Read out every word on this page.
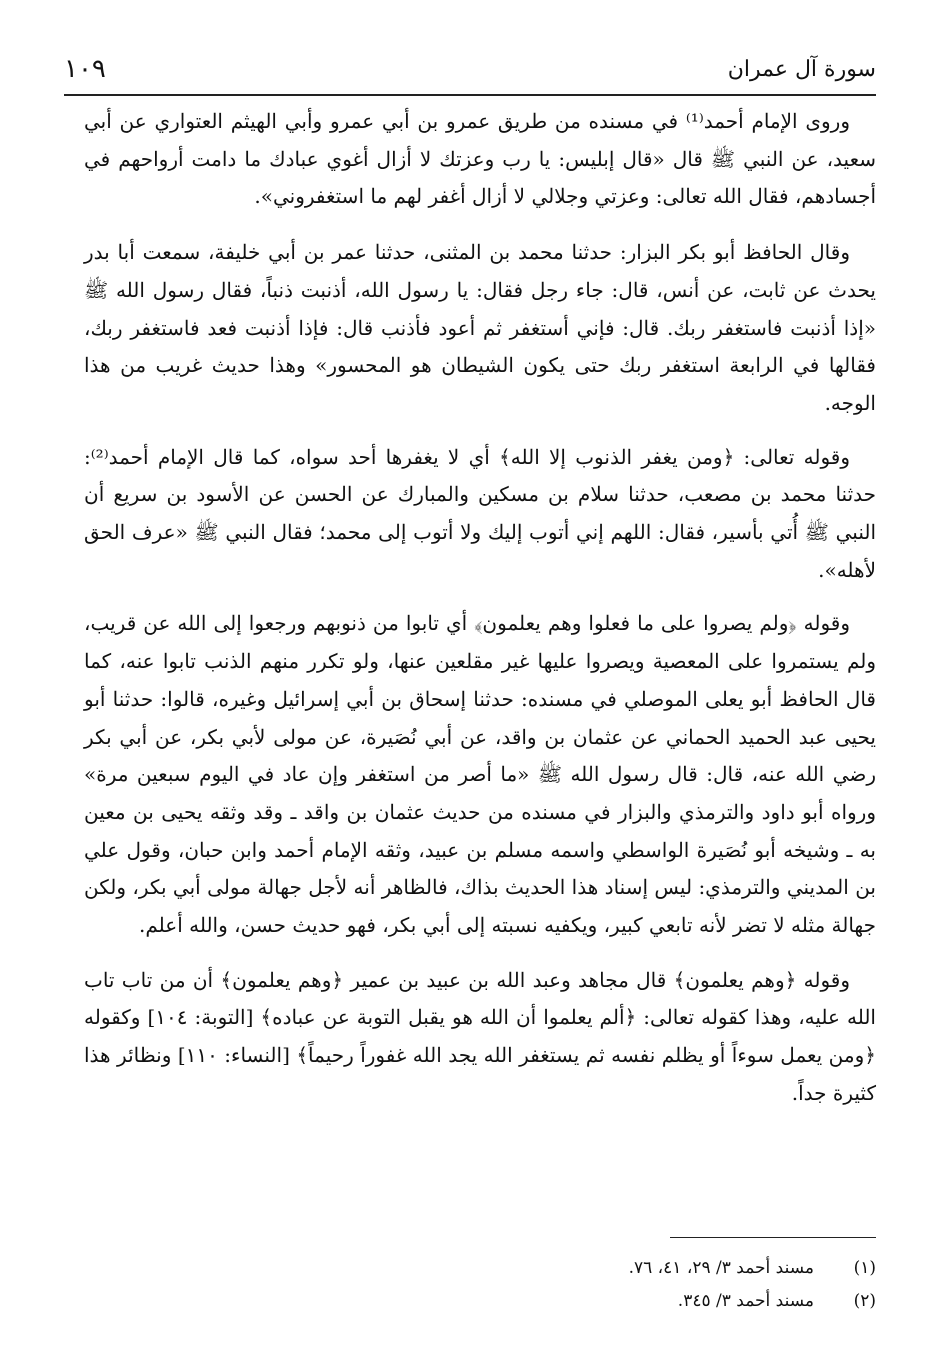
سورة آل عمران
١٠٩

وروى الإمام أحمد⁽¹⁾ في مسنده من طريق عمرو بن أبي عمرو وأبي الهيثم العتواري عن أبي سعيد، عن النبي ﷺ قال «قال إبليس: يا رب وعزتك لا أزال أغوي عبادك ما دامت أرواحهم في أجسادهم، فقال الله تعالى: وعزتي وجلالي لا أزال أغفر لهم ما استغفروني».

وقال الحافظ أبو بكر البزار: حدثنا محمد بن المثنى، حدثنا عمر بن أبي خليفة، سمعت أبا بدر يحدث عن ثابت، عن أنس، قال: جاء رجل فقال: يا رسول الله، أذنبت ذنباً، فقال رسول الله ﷺ «إذا أذنبت فاستغفر ربك. قال: فإني أستغفر ثم أعود فأذنب قال: فإذا أذنبت فعد فاستغفر ربك، فقالها في الرابعة استغفر ربك حتى يكون الشيطان هو المحسور» وهذا حديث غريب من هذا الوجه.

وقوله تعالى: ﴿ومن يغفر الذنوب إلا الله﴾ أي لا يغفرها أحد سواه، كما قال الإمام أحمد⁽²⁾: حدثنا محمد بن مصعب، حدثنا سلام بن مسكين والمبارك عن الحسن عن الأسود بن سريع أن النبي ﷺ أُتي بأسير، فقال: اللهم إني أتوب إليك ولا أتوب إلى محمد؛ فقال النبي ﷺ «عرف الحق لأهله».

وقوله ﴿ولم يصروا على ما فعلوا وهم يعلمون﴾ أي تابوا من ذنوبهم ورجعوا إلى الله عن قريب، ولم يستمروا على المعصية ويصروا عليها غير مقلعين عنها، ولو تكرر منهم الذنب تابوا عنه، كما قال الحافظ أبو يعلى الموصلي في مسنده: حدثنا إسحاق بن أبي إسرائيل وغيره، قالوا: حدثنا أبو يحيى عبد الحميد الحماني عن عثمان بن واقد، عن أبي نُصَيرة، عن مولى لأبي بكر، عن أبي بكر رضي الله عنه، قال: قال رسول الله ﷺ «ما أصر من استغفر وإن عاد في اليوم سبعين مرة» ورواه أبو داود والترمذي والبزار في مسنده من حديث عثمان بن واقد ـ وقد وثقه يحيى بن معين به ـ وشيخه أبو نُصَيرة الواسطي واسمه مسلم بن عبيد، وثقه الإمام أحمد وابن حبان، وقول علي بن المديني والترمذي: ليس إسناد هذا الحديث بذاك، فالظاهر أنه لأجل جهالة مولى أبي بكر، ولكن جهالة مثله لا تضر لأنه تابعي كبير، ويكفيه نسبته إلى أبي بكر، فهو حديث حسن، والله أعلم.

وقوله ﴿وهم يعلمون﴾ قال مجاهد وعبد الله بن عبيد بن عمير ﴿وهم يعلمون﴾ أن من تاب تاب الله عليه، وهذا كقوله تعالى: ﴿ألم يعلموا أن الله هو يقبل التوبة عن عباده﴾ [التوبة: ١٠٤] وكقوله ﴿ومن يعمل سوءاً أو يظلم نفسه ثم يستغفر الله يجد الله غفوراً رحيماً﴾ [النساء: ١١٠] ونظائر هذا كثيرة جداً.

(١)
مسند أحمد ٣/ ٢٩، ٤١، ٧٦.
(٢)
مسند أحمد ٣/ ٣٤٥.
